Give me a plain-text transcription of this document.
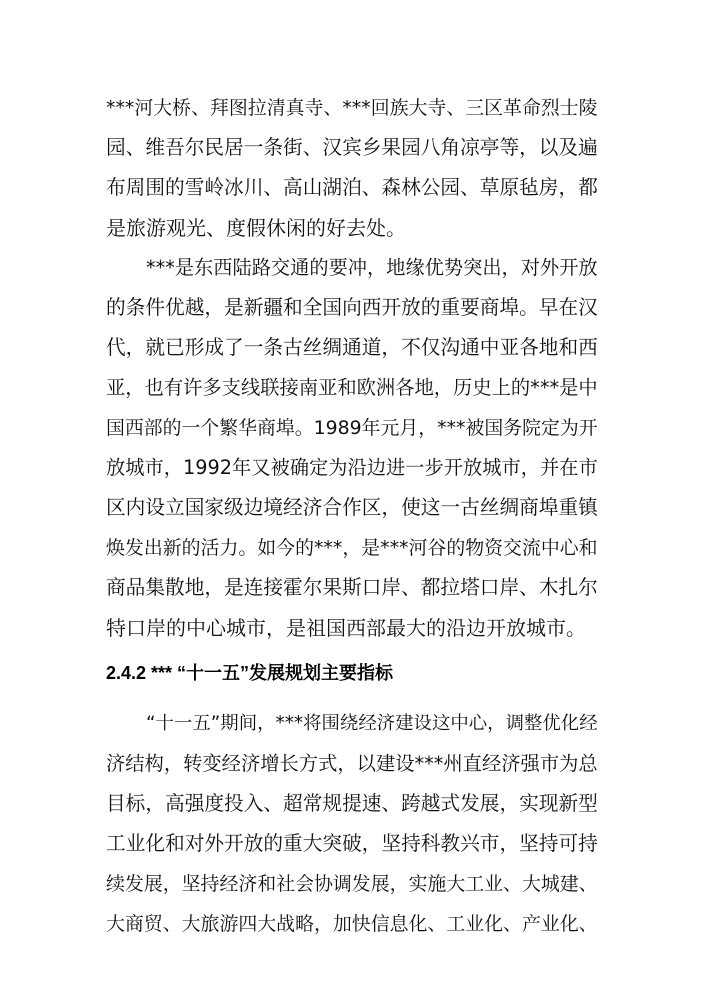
***河大桥、拜图拉清真寺、***回族大寺、三区革命烈士陵

园、维吾尔民居一条街、汉宾乡果园八角凉亭等，以及遍

布周围的雪岭冰川、高山湖泊、森林公园、草原毡房，都

是旅游观光、度假休闲的好去处。

***是东西陆路交通的要冲，地缘优势突出，对外开放

的条件优越，是新疆和全国向西开放的重要商埠。早在汉

代，就已形成了一条古丝绸通道，不仅沟通中亚各地和西

亚，也有许多支线联接南亚和欧洲各地，历史上的***是中

国西部的一个繁华商埠。1989年元月，***被国务院定为开

放城市，1992年又被确定为沿边进一步开放城市，并在市

区内设立国家级边境经济合作区，使这一古丝绸商埠重镇

焕发出新的活力。如今的***，是***河谷的物资交流中心和

商品集散地，是连接霍尔果斯口岸、都拉塔口岸、木扎尔

特口岸的中心城市，是祖国西部最大的沿边开放城市。

2.4.2 *** “十一五”发展规划主要指标

“十一五”期间，***将围绕经济建设这中心，调整优化经

济结构，转变经济增长方式，以建设***州直经济强市为总

目标，高强度投入、超常规提速、跨越式发展，实现新型

工业化和对外开放的重大突破，坚持科教兴市，坚持可持

续发展，坚持经济和社会协调发展，实施大工业、大城建、

大商贸、大旅游四大战略，加快信息化、工业化、产业化、
